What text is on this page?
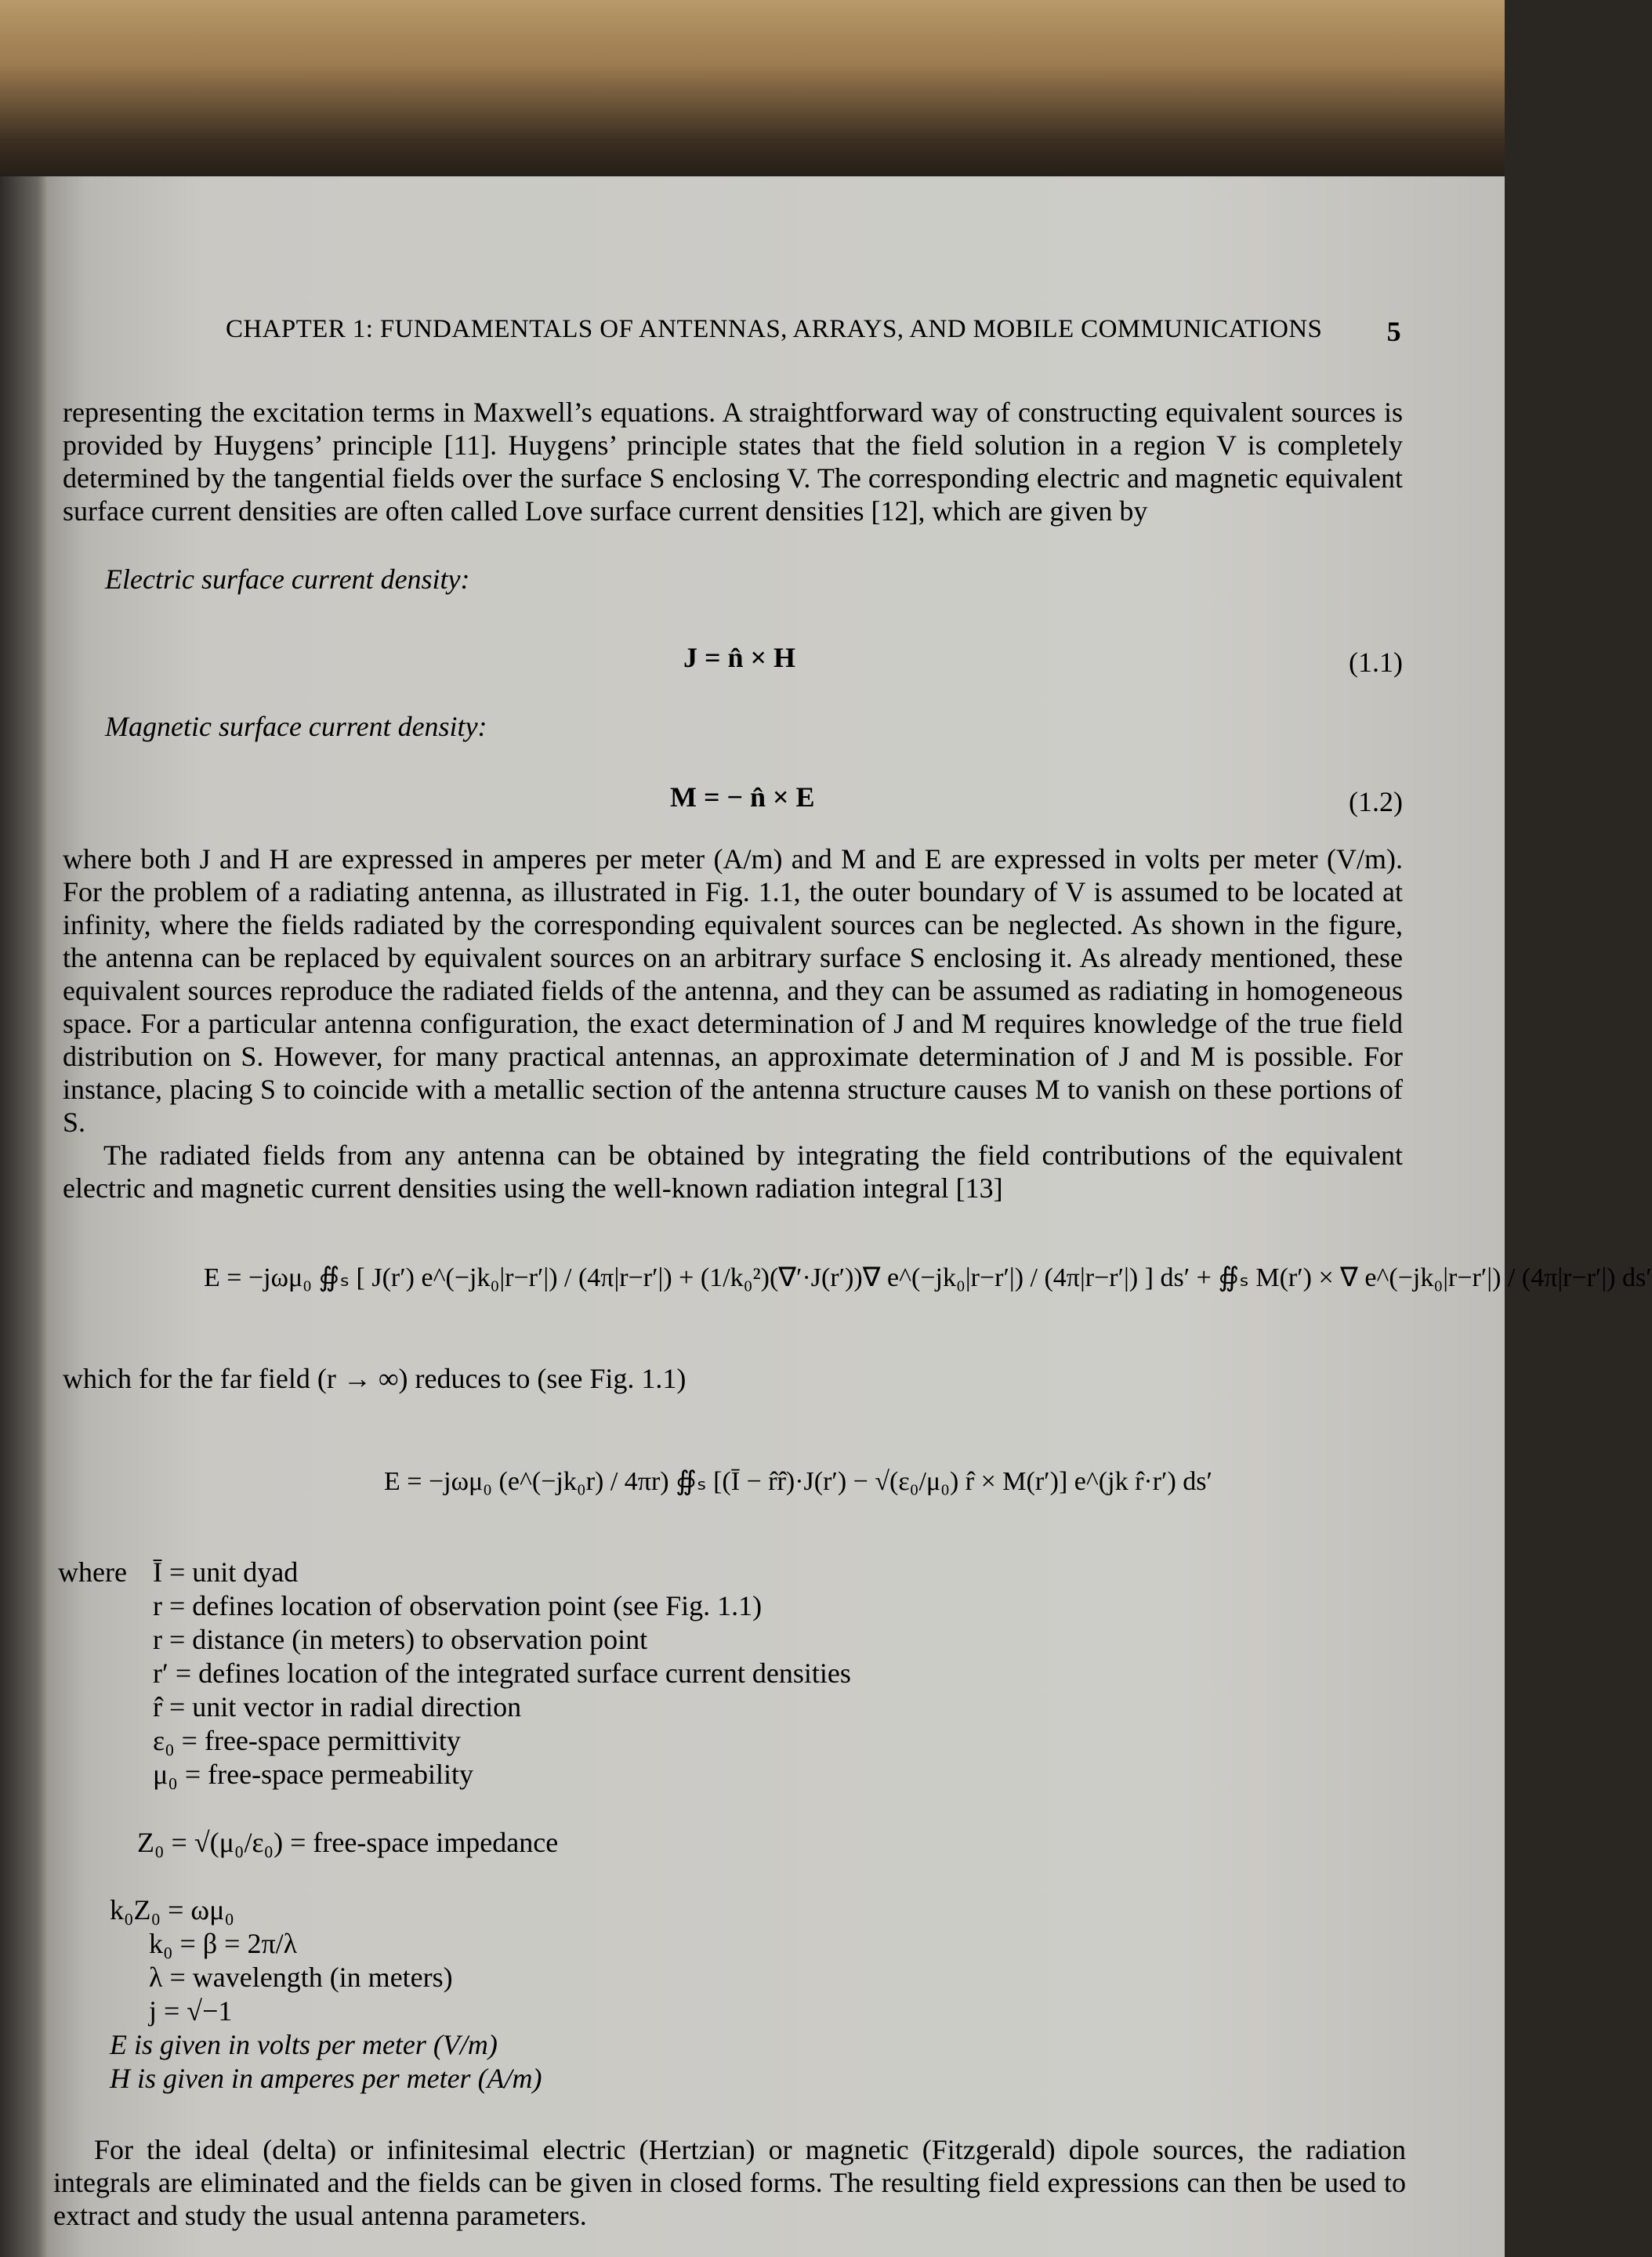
CHAPTER 1: FUNDAMENTALS OF ANTENNAS, ARRAYS, AND MOBILE COMMUNICATIONS 5

representing the excitation terms in Maxwell’s equations. A straightforward way of constructing equivalent sources is provided by Huygens’ principle [11]. Huygens’ principle states that the field solution in a region V is completely determined by the tangential fields over the surface S enclosing V. The corresponding electric and magnetic equivalent surface current densities are often called Love surface current densities [12], which are given by

Electric surface current density:
J = n̂ × H	(1.1)
Magnetic surface current density:
M = − n̂ × E	(1.2)

where both J and H are expressed in amperes per meter (A/m) and M and E are expressed in volts per meter (V/m). For the problem of a radiating antenna, as illustrated in Fig. 1.1, the outer boundary of V is assumed to be located at infinity, where the fields radiated by the corresponding equivalent sources can be neglected. As shown in the figure, the antenna can be replaced by equivalent sources on an arbitrary surface S enclosing it. As already mentioned, these equivalent sources reproduce the radiated fields of the antenna, and they can be assumed as radiating in homogeneous space. For a particular antenna configuration, the exact determination of J and M requires knowledge of the true field distribution on S. However, for many practical antennas, an approximate determination of J and M is possible. For instance, placing S to coincide with a metallic section of the antenna structure causes M to vanish on these portions of S.

The radiated fields from any antenna can be obtained by integrating the field contributions of the equivalent electric and magnetic current densities using the well-known radiation integral [13]

E = −jωμ₀ ∯ₛ [ J(r′) e^(−jk₀|r−r′|) / (4π|r−r′|) + (1/k₀²)(∇′·J(r′))∇ e^(−jk₀|r−r′|) / (4π|r−r′|) ] ds′ + ∯ₛ M(r′) × ∇ e^(−jk₀|r−r′|) / (4π|r−r′|) ds′

which for the far field (r → ∞) reduces to (see Fig. 1.1)

E = −jωμ₀ (e^(−jk₀r) / 4πr) ∯ₛ [(Ī − r̂r̂)·J(r′) − √(ε₀/μ₀) r̂ × M(r′)] e^(jk r̂·r′) ds′
where Ī = unit dyad
r = defines location of observation point (see Fig. 1.1)
r = distance (in meters) to observation point
r′ = defines location of the integrated surface current densities
r̂ = unit vector in radial direction
ε₀ = free-space permittivity
μ₀ = free-space permeability
Z₀ = √(μ₀/ε₀) = free-space impedance
k₀Z₀ = ωμ₀
k₀ = β = 2π/λ
λ = wavelength (in meters)
j = √−1
E is given in volts per meter (V/m)
H is given in amperes per meter (A/m)

For the ideal (delta) or infinitesimal electric (Hertzian) or magnetic (Fitzgerald) dipole sources, the radiation integrals are eliminated and the fields can be given in closed forms. The resulting field expressions can then be used to extract and study the usual antenna parameters.
